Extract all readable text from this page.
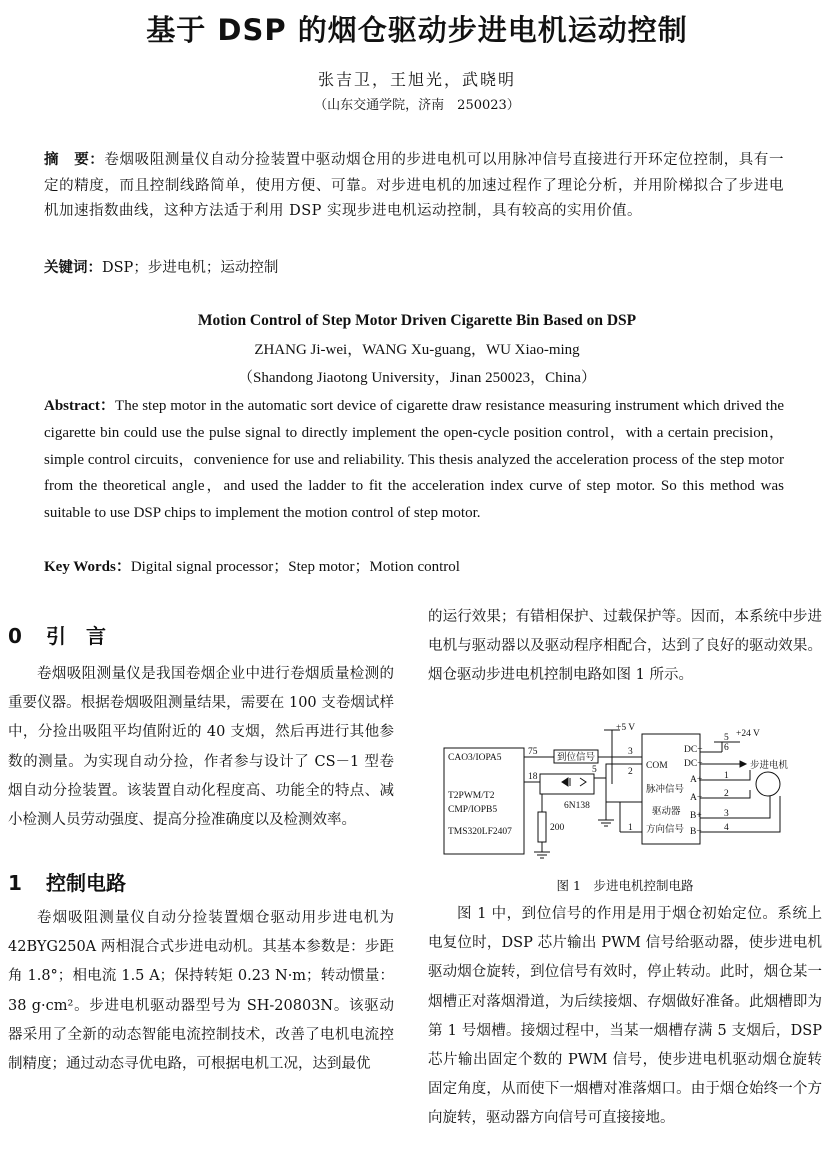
基于 DSP 的烟仓驱动步进电机运动控制
张吉卫，王旭光，武晓明
（山东交通学院，济南　250023）
摘　要：卷烟吸阻测量仪自动分捡装置中驱动烟仓用的步进电机可以用脉冲信号直接进行开环定位控制，具有一定的精度，而且控制线路简单，使用方便、可靠。对步进电机的加速过程作了理论分析，并用阶梯拟合了步进电机加速指数曲线，这种方法适于利用 DSP 实现步进电机运动控制，具有较高的实用价值。
关键词：DSP；步进电机；运动控制
Motion Control of Step Motor Driven Cigarette Bin Based on DSP
ZHANG Ji-wei，WANG Xu-guang，WU Xiao-ming
（Shandong Jiaotong University，Jinan 250023，China）
Abstract：The step motor in the automatic sort device of cigarette draw resistance measuring instrument which drived the cigarette bin could use the pulse signal to directly implement the open-cycle position control，with a certain precision，simple control circuits，convenience for use and reliability. This thesis analyzed the acceleration process of the step motor from the theoretical angle，and used the ladder to fit the acceleration index curve of step motor. So this method was suitable to use DSP chips to implement the motion control of step motor.
Key Words：Digital signal processor；Step motor；Motion control
0 引　言
卷烟吸阻测量仪是我国卷烟企业中进行卷烟质量检测的重要仪器。根据卷烟吸阻测量结果，需要在 100 支卷烟试样中，分捡出吸阻平均值附近的 40 支烟，然后再进行其他参数的测量。为实现自动分捡，作者参与设计了 CS－1 型卷烟自动分捡装置。该装置自动化程度高、功能全的特点、减小检测人员劳动强度、提高分捡准确度以及检测效率。
1 控制电路
卷烟吸阻测量仪自动分捡装置烟仓驱动用步进电机为 42BYG250A 两相混合式步进电动机。其基本参数是：步距角 1.8°；相电流 1.5 A；保持转矩 0.23 N·m；转动惯量：38 g·cm²。步进电机驱动器型号为 SH-20803N。该驱动器采用了全新的动态智能电流控制技术，改善了电机电流控制精度；通过动态寻优电路，可根据电机工况，达到最优
的运行效果；有错相保护、过载保护等。因而，本系统中步进电机与驱动器以及驱动程序相配合，达到了良好的驱动效果。烟仓驱动步进电机控制电路如图 1 所示。
CAO3/IOPA5
T2PWM/T2
CMP/IOPB5
TMS320LF2407
75
18
到位信号
+5 V
5
3
2
1
6N138
200
COM
脉冲信号
驱动器
方向信号
DC+
DC−
A+
A−
B+
B−
5
6
1
2
3
4
+24 V
步进电机
图 1　步进电机控制电路
图 1 中，到位信号的作用是用于烟仓初始定位。系统上电复位时，DSP 芯片输出 PWM 信号给驱动器，使步进电机驱动烟仓旋转，到位信号有效时，停止转动。此时，烟仓某一烟槽正对落烟滑道，为后续接烟、存烟做好准备。此烟槽即为第 1 号烟槽。接烟过程中，当某一烟槽存满 5 支烟后，DSP 芯片输出固定个数的 PWM 信号，使步进电机驱动烟仓旋转固定角度，从而使下一烟槽对准落烟口。由于烟仓始终一个方向旋转，驱动器方向信号可直接接地。
